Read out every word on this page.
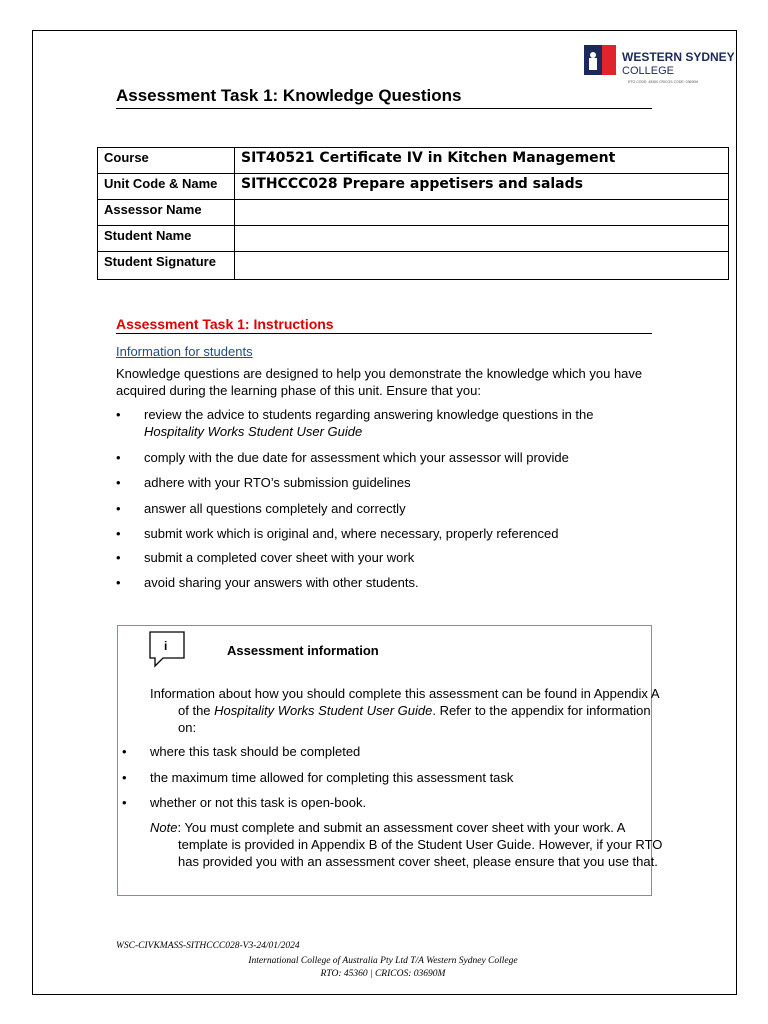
WESTERN SYDNEY
COLLEGE
RTO CODE: 45360 CRICOS CODE: 03690M
Assessment Task 1: Knowledge Questions
Course	SIT40521 Certificate IV in Kitchen Management
Unit Code & Name	SITHCCC028 Prepare appetisers and salads
Assessor Name	
Student Name	
Student Signature	
Assessment Task 1: Instructions
Information for students
Knowledge questions are designed to help you demonstrate the knowledge which you have acquired during the learning phase of this unit. Ensure that you:
• review the advice to students regarding answering knowledge questions in the
Hospitality Works Student User Guide
• comply with the due date for assessment which your assessor will provide
• adhere with your RTO’s submission guidelines
• answer all questions completely and correctly
• submit work which is original and, where necessary, properly referenced
• submit a completed cover sheet with your work
• avoid sharing your answers with other students.
i	Assessment information
Information about how you should complete this assessment can be found in Appendix A of the Hospitality Works Student User Guide. Refer to the appendix for information on:
• where this task should be completed
• the maximum time allowed for completing this assessment task
• whether or not this task is open-book.
Note: You must complete and submit an assessment cover sheet with your work. A template is provided in Appendix B of the Student User Guide. However, if your RTO has provided you with an assessment cover sheet, please ensure that you use that.
WSC-CIVKMASS-SITHCCC028-V3-24/01/2024
International College of Australia Pty Ltd T/A Western Sydney College
RTO: 45360 | CRICOS: 03690M
